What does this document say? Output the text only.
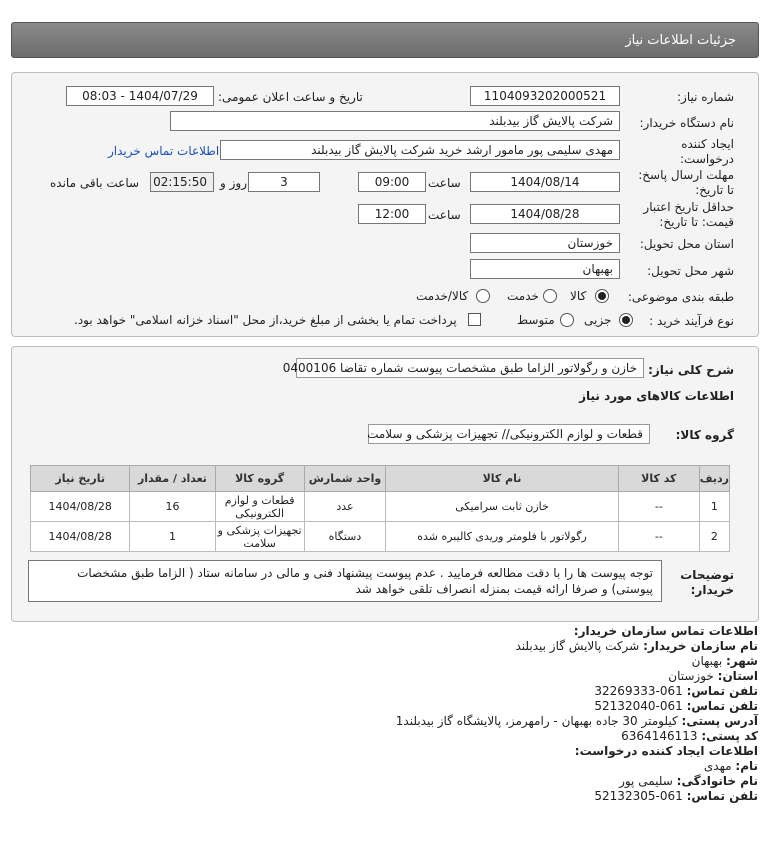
جزئیات اطلاعات نیاز
شماره نیاز:
1104093202000521
تاریخ و ساعت اعلان عمومی:
1404/07/29 - 08:03
نام دستگاه خریدار:
شرکت پالایش گاز بیدبلند
ایجاد کننده
درخواست:
مهدی سلیمی پور مامور ارشد خرید شرکت پالایش گاز بیدبلند
اطلاعات تماس خریدار
مهلت ارسال پاسخ:
تا تاریخ:
1404/08/14
ساعت
09:00
3
روز و
02:15:50
ساعت باقی مانده
حداقل تاریخ اعتبار
قیمت: تا تاریخ:
1404/08/28
ساعت
12:00
استان محل تحویل:
خوزستان
شهر محل تحویل:
بهبهان
طبقه بندی موضوعی:
کالا
خدمت
کالا/خدمت
نوع فرآیند خرید :
جزیی
متوسط
پرداخت تمام یا بخشی از مبلغ خرید،از محل "اسناد خزانه اسلامی" خواهد بود.
شرح کلی نیاز:
خازن و رگولاتور الزاما طبق مشخصات پیوست شماره تقاضا 0400106
اطلاعات کالاهای مورد نیاز
گروه کالا:
قطعات و لوازم الکترونیکی// تجهیزات پزشکی و سلامت
ردیف	کد کالا	نام کالا	واحد شمارش	گروه کالا	تعداد / مقدار	تاریخ نیاز
1	--	خازن ثابت سرامیکی	عدد	قطعات و لوازم الکترونیکی	16	1404/08/28
2	--	رگولاتور با فلومتر وریدی کالیبره شده	دستگاه	تجهیزات پزشکی و سلامت	1	1404/08/28
توضیحات
خریدار:
توجه پیوست ها را با دقت مطالعه فرمایید . عدم پیوست پیشنهاد فنی و مالی در سامانه ستاد ( الزاما طبق مشخصات پیوستی) و صرفا ارائه قیمت بمنزله انصراف تلقی خواهد شد
اطلاعات تماس سازمان خریدار:
نام سازمان خریدار: شرکت پالایش گاز بیدبلند
شهر: بهبهان
استان: خوزستان
تلفن تماس: 061-32269333
تلفن تماس: 061-52132040
آدرس پستی: کیلومتر 30 جاده بهبهان - رامهرمز، پالایشگاه گاز بیدبلند1
کد پستی: 6364146113
اطلاعات ایجاد کننده درخواست:
نام: مهدی
نام خانوادگی: سلیمی پور
تلفن تماس: 061-52132305
